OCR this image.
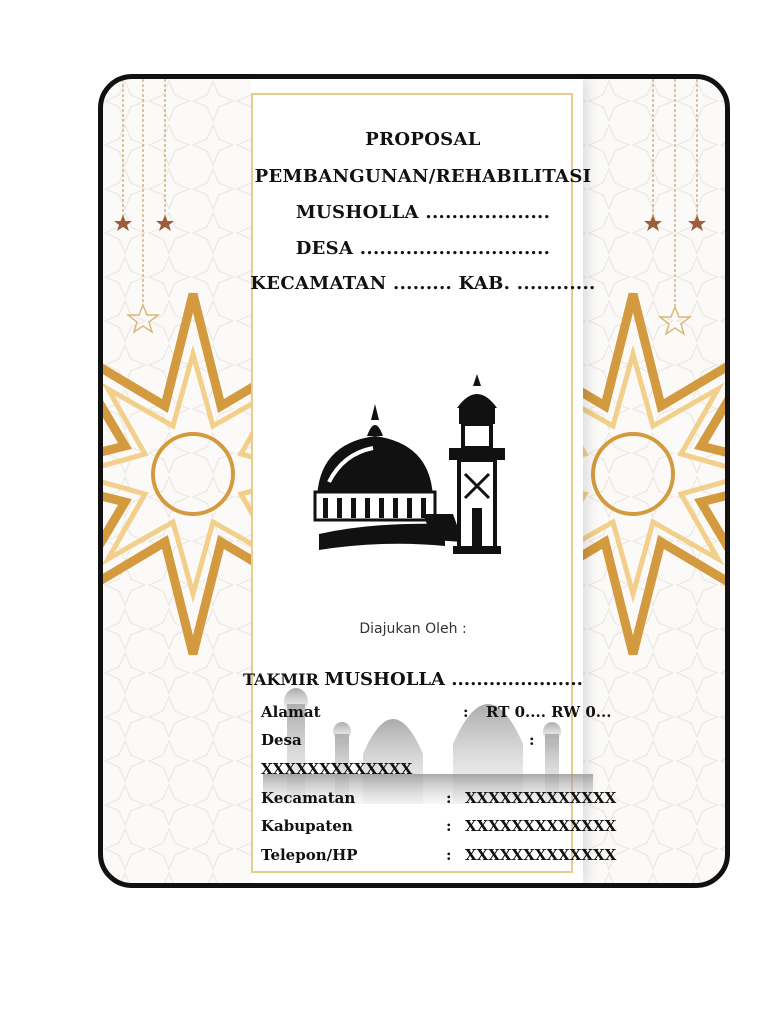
PROPOSAL
PEMBANGUNAN/REHABILITASI
MUSHOLLA ...................
DESA .............................
KECAMATAN ......... KAB. ............
Diajukan Oleh :
TAKMIR MUSHOLLA .....................
Alamat	: RT 0.... RW 0...
Desa	:
XXXXXXXXXXXXX
Kecamatan	: XXXXXXXXXXXXX
Kabupaten	: XXXXXXXXXXXXX
Telepon/HP	: XXXXXXXXXXXXX
